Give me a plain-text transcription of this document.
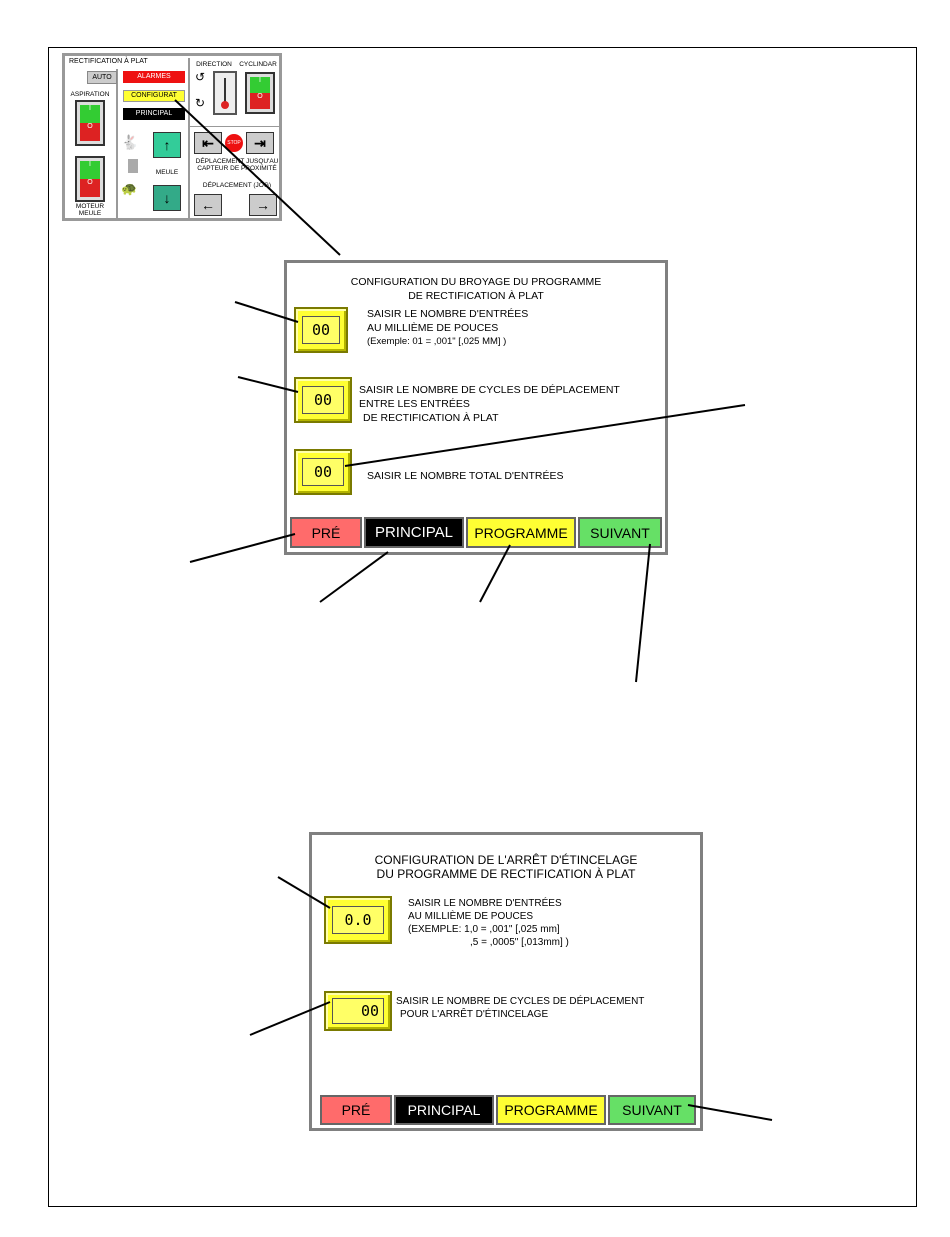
RECTIFICATION À PLAT
AUTO	ALARMES
CONFIGURAT
PRINCIPAL
ASPIRATION
I
O
I
O
MOTEUR MEULE
DIRECTION	CYCLINDAR
↺
↻
I
O
🐇
🐢
↑
MEULE
↓
⇤	STOP ⇥
DÉPLACEMENT JUSQU'AU CAPTEUR DE PROXIMITÉ
DÉPLACEMENT (JOG)
←	→
CONFIGURATION DU BROYAGE DU PROGRAMME
DE RECTIFICATION À PLAT
00
SAISIR LE NOMBRE D'ENTRÉES
AU MILLIÈME DE POUCES
(Exemple: 01 = ,001" [,025 MM] )
00
SAISIR LE NOMBRE DE CYCLES DE DÉPLACEMENT
ENTRE LES ENTRÉES
DE RECTIFICATION À PLAT
00	SAISIR LE NOMBRE TOTAL D'ENTRÉES
PRÉ	PRINCIPAL	PROGRAMME	SUIVANT
CONFIGURATION DE L'ARRÊT D'ÉTINCELAGE
DU PROGRAMME DE RECTIFICATION À PLAT
0.0
SAISIR LE NOMBRE D'ENTRÉES
AU MILLIÈME DE POUCES
(EXEMPLE: 1,0 = ,001" [,025 mm]
,5 = ,0005" [,013mm] )
00
SAISIR LE NOMBRE DE CYCLES DE DÉPLACEMENT
POUR L'ARRÊT D'ÉTINCELAGE
PRÉ	PRINCIPAL	PROGRAMME	SUIVANT
